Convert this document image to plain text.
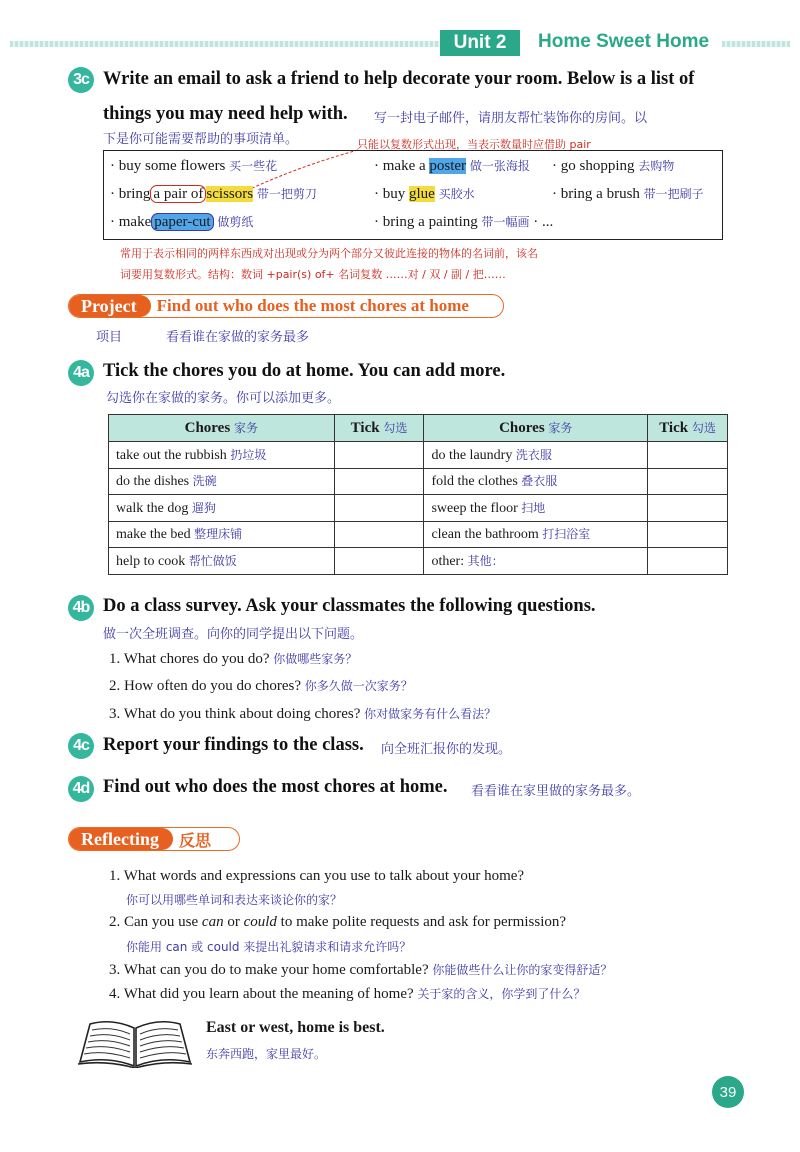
Unit 2	Home Sweet Home
3c Write an email to ask a friend to help decorate your room. Below is a list of
things you may need help with. 写一封电子邮件，请朋友帮忙装饰你的房间。以
下是你可能需要帮助的事项清单。	只能以复数形式出现，当表示数量时应借助 pair
· buy some flowers 买一些花	· make a poster 做一张海报 · go shopping 去购物
· bring a pair of scissors 带一把剪刀	· buy glue 买胶水	· bring a brush 带一把刷子
· make paper-cut 做剪纸	· bring a painting 带一幅画 · ...
常用于表示相同的两样东西成对出现或分为两个部分又彼此连接的物体的名词前，该名
词要用复数形式。结构：数词 +pair(s) of+ 名词复数 ……对 / 双 / 副 / 把……
Project	Find out who does the most chores at home
项目	看看谁在家做的家务最多
4a Tick the chores you do at home. You can add more.
勾选你在家做的家务。你可以添加更多。
Chores 家务	Tick 勾选	Chores 家务	Tick 勾选
take out the rubbish 扔垃圾		do the laundry 洗衣服	
do the dishes 洗碗		fold the clothes 叠衣服	
walk the dog 遛狗		sweep the floor 扫地	
make the bed 整理床铺		clean the bathroom 打扫浴室	
help to cook 帮忙做饭		other: 其他：	
4b Do a class survey. Ask your classmates the following questions.
做一次全班调查。向你的同学提出以下问题。
1. What chores do you do? 你做哪些家务？
2. How often do you do chores? 你多久做一次家务？
3. What do you think about doing chores? 你对做家务有什么看法？
4c Report your findings to the class. 向全班汇报你的发现。
4d Find out who does the most chores at home. 看看谁在家里做的家务最多。
Reflecting	反思
1. What words and expressions can you use to talk about your home?
你可以用哪些单词和表达来谈论你的家？
2. Can you use can or could to make polite requests and ask for permission?
你能用 can 或 could 来提出礼貌请求和请求允许吗？
3. What can you do to make your home comfortable? 你能做些什么让你的家变得舒适？
4. What did you learn about the meaning of home? 关于家的含义，你学到了什么？
East or west, home is best.
东奔西跑，家里最好。
39
